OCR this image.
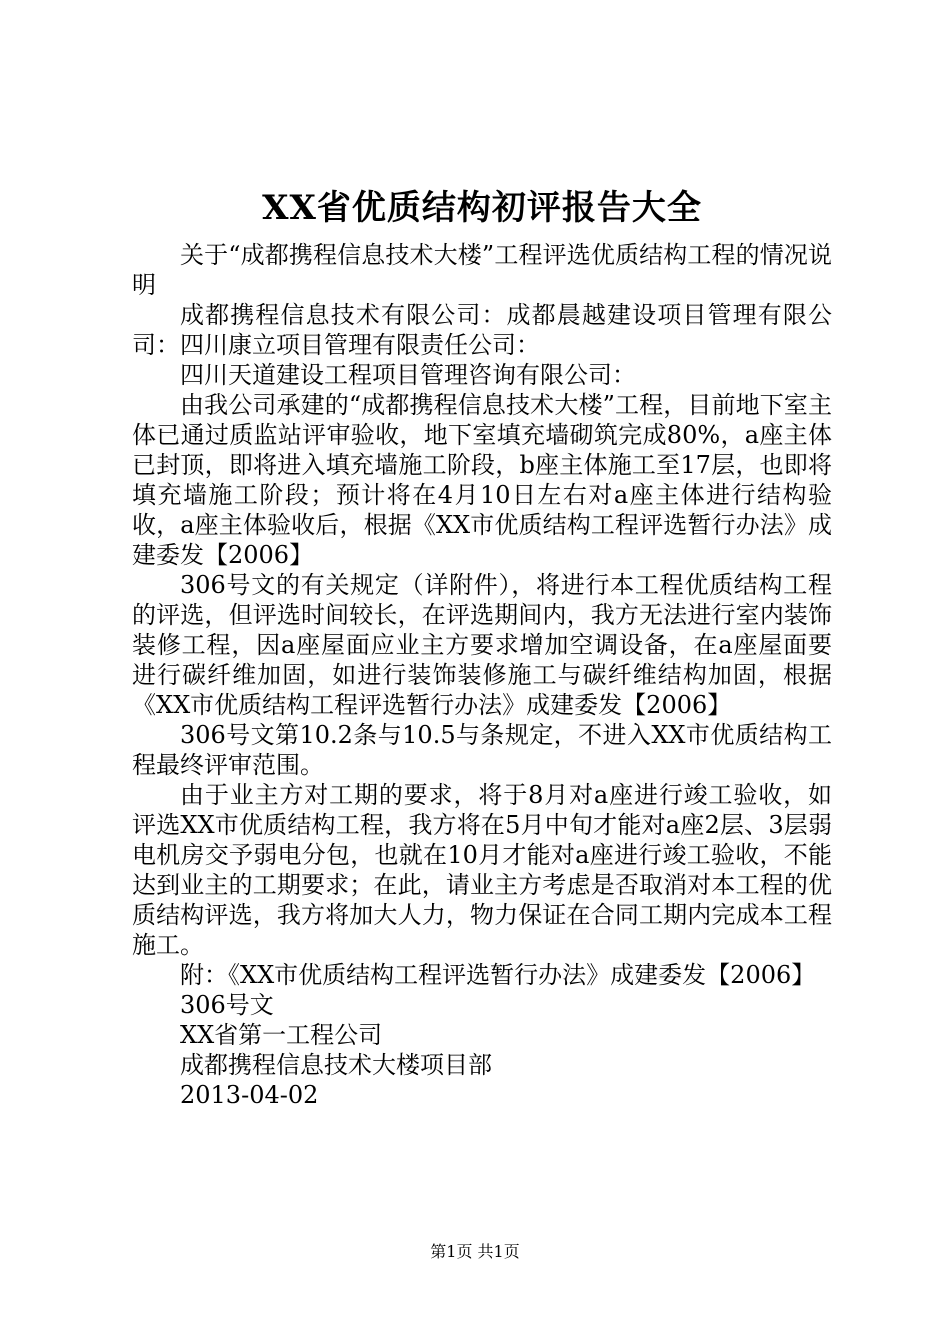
XX省优质结构初评报告大全

关于“成都携程信息技术大楼”工程评选优质结构工程的情况说明

成都携程信息技术有限公司：成都晨越建设项目管理有限公司：四川康立项目管理有限责任公司：

四川天道建设工程项目管理咨询有限公司：

由我公司承建的“成都携程信息技术大楼”工程，目前地下室主体已通过质监站评审验收，地下室填充墙砌筑完成80%，a座主体已封顶，即将进入填充墙施工阶段，b座主体施工至17层，也即将填充墙施工阶段；预计将在4月10日左右对a座主体进行结构验收，a座主体验收后，根据《XX市优质结构工程评选暂行办法》成建委发【2006】

306号文的有关规定（详附件），将进行本工程优质结构工程的评选，但评选时间较长，在评选期间内，我方无法进行室内装饰装修工程，因a座屋面应业主方要求增加空调设备，在a座屋面要进行碳纤维加固，如进行装饰装修施工与碳纤维结构加固，根据《XX市优质结构工程评选暂行办法》成建委发【2006】

306号文第10.2条与10.5与条规定，不进入XX市优质结构工程最终评审范围。

由于业主方对工期的要求，将于8月对a座进行竣工验收，如评选XX市优质结构工程，我方将在5月中旬才能对a座2层、3层弱电机房交予弱电分包，也就在10月才能对a座进行竣工验收，不能达到业主的工期要求；在此，请业主方考虑是否取消对本工程的优质结构评选，我方将加大人力，物力保证在合同工期内完成本工程施工。

附：《XX市优质结构工程评选暂行办法》成建委发【2006】

306号文

XX省第一工程公司

成都携程信息技术大楼项目部

2013-04-02

第1页 共1页
